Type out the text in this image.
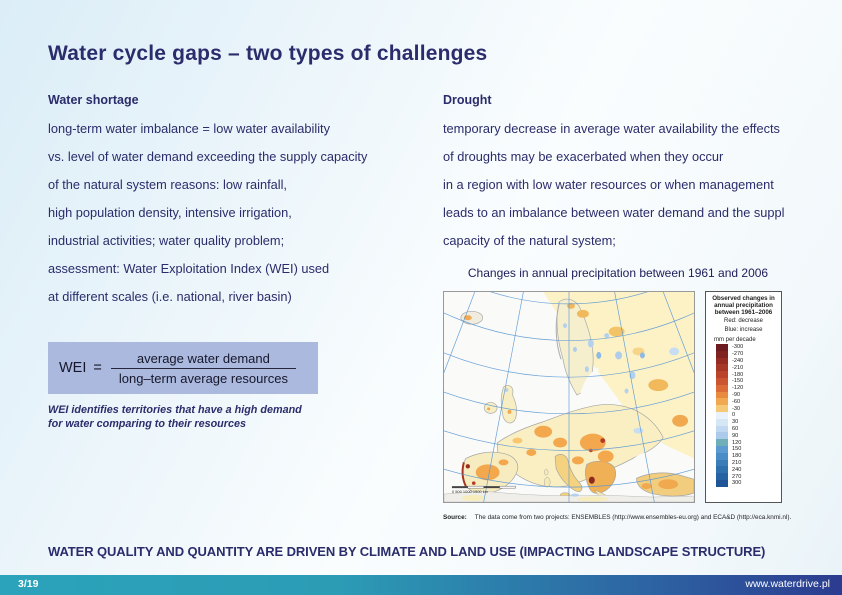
Water cycle gaps – two types of challenges
Water shortage
long-term water imbalance = low water availability
vs. level of water demand exceeding the supply capacity
of the natural system reasons: low rainfall,
high population density, intensive irrigation,
industrial activities; water quality problem;
assessment: Water Exploitation Index (WEI) used
at different scales (i.e. national, river basin)
Drought
temporary decrease in average water availability the effects
of droughts may be exacerbated when they occur
in a region with low water resources or when management
leads to an imbalance between water demand and the suppl
capacity of the natural system;
WEI = $\frac{\text{average water demand}}{\text{long–term average resources}}$
WEI identifies territories that have a high demand
for water comparing to their resources
Changes in annual precipitation between 1961 and 2006
0 500 1000 1500 km
Observed changes in
annual precipitation
between 1961–2006
Red: decrease
Blue: increase
mm per decade
-300
-270
-240
-210
-180
-150
-120
-90
-60
-30
0
30
60
90
120
150
180
210
240
270
300
Source: The data come from two projects: ENSEMBLES (http://www.ensembles-eu.org) and ECA&D (http://eca.knmi.nl).
WATER QUALITY AND QUANTITY ARE DRIVEN BY CLIMATE AND LAND USE (IMPACTING LANDSCAPE STRUCTURE)
3/19	www.waterdrive.pl
